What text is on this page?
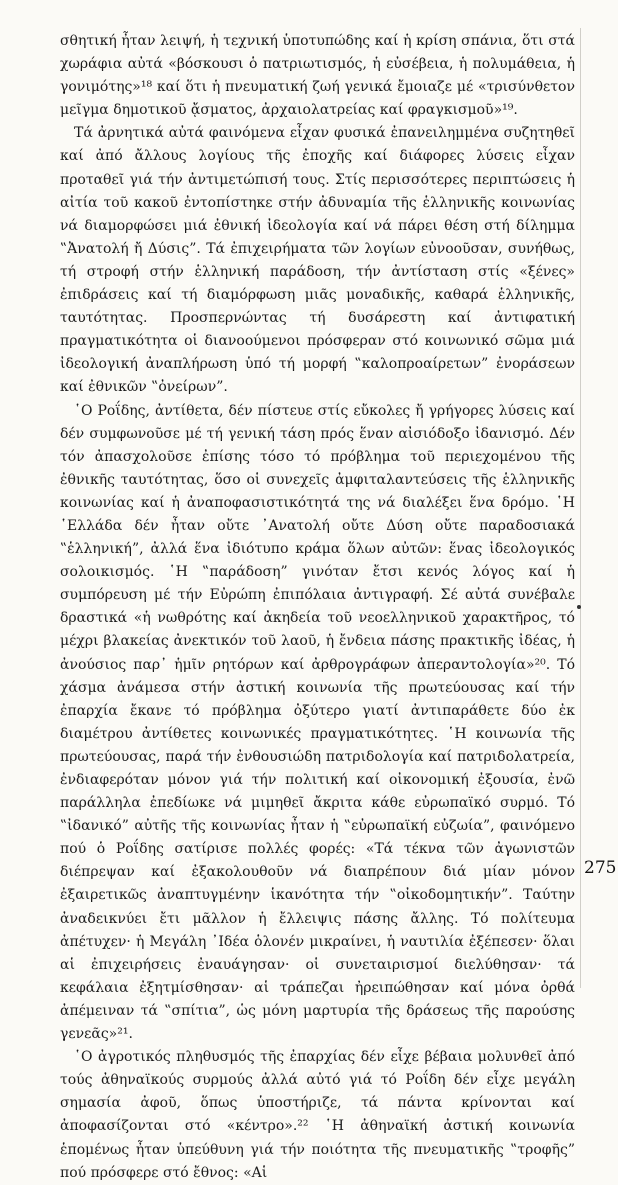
σθητική ἦταν λειψή, ἡ τεχνική ὑποτυπώδης καί ἡ κρίση σπάνια, ὅτι στά χωράφια αὐτά «βόσκουσι ὁ πατριωτισμός, ἡ εὐσέβεια, ἡ πολυμάθεια, ἡ γονιμότης»¹⁸ καί ὅτι ἡ πνευματική ζωή γενικά ἔμοιαζε μέ «τρισύνθετον μεῖγμα δημοτικοῦ ᾄσματος, ἀρχαιολατρείας καί φραγκισμοῦ»¹⁹.

Τά ἀρνητικά αὐτά φαινόμενα εἶχαν φυσικά ἐπανειλημμένα συζητηθεῖ καί ἀπό ἄλλους λογίους τῆς ἐποχῆς καί διάφορες λύσεις εἶχαν προταθεῖ γιά τήν ἀντιμετώπισή τους. Στίς περισσότερες περιπτώσεις ἡ αἰτία τοῦ κακοῦ ἐντοπίστηκε στήν ἀδυναμία τῆς ἑλληνικῆς κοινωνίας νά διαμορφώσει μιά ἐθνική ἰδεολογία καί νά πάρει θέση στή δίλημμα ‟Ἀνατολή ἤ Δύσις”. Τά ἐπιχειρήματα τῶν λογίων εὐνοοῦσαν, συνήθως, τή στροφή στήν ἑλληνική παράδοση, τήν ἀντίσταση στίς «ξένες» ἐπιδράσεις καί τή διαμόρφωση μιᾶς μοναδικῆς, καθαρά ἑλληνικῆς, ταυτότητας. Προσπερνώντας τή δυσάρεστη καί ἀντιφατική πραγματικότητα οἱ διανοούμενοι πρόσφεραν στό κοινωνικό σῶμα μιά ἰδεολογική ἀναπλήρωση ὑπό τή μορφή ‟καλοπροαίρετων” ἐνοράσεων καί ἐθνικῶν ‟ὀνείρων”.

῾Ο Ροΐδης, ἀντίθετα, δέν πίστευε στίς εὔκολες ἤ γρήγορες λύσεις καί δέν συμφωνοῦσε μέ τή γενική τάση πρός ἕναν αἰσιόδοξο ἰδανισμό. Δέν τόν ἀπασχολοῦσε ἐπίσης τόσο τό πρόβλημα τοῦ περιεχομένου τῆς ἐθνικῆς ταυτότητας, ὅσο οἱ συνεχεῖς ἀμφιταλαντεύσεις τῆς ἑλληνικῆς κοινωνίας καί ἡ ἀναποφασιστικότητά της νά διαλέξει ἕνα δρόμο. ῾Η ῾Ελλάδα δέν ἦταν οὔτε ᾿Ανατολή οὔτε Δύση οὔτε παραδοσιακά ‟ἑλληνική”, ἀλλά ἕνα ἰδιότυπο κράμα ὅλων αὐτῶν: ἕνας ἰδεολογικός σολοικισμός. ῾Η ‟παράδοση” γινόταν ἔτσι κενός λόγος καί ἡ συμπόρευση μέ τήν Εὐρώπη ἐπιπόλαια ἀντιγραφή. Σέ αὐτά συνέβαλε δραστικά «ἡ νωθρότης καί ἀκηδεία τοῦ νεοελληνικοῦ χαρακτῆρος, τό μέχρι βλακείας ἀνεκτικόν τοῦ λαοῦ, ἡ ἔνδεια πάσης πρακτικῆς ἰδέας, ἡ ἀνούσιος παρ᾿ ἡμῖν ρητόρων καί ἀρθρογράφων ἀπεραντολογία»²⁰. Τό χάσμα ἀνάμεσα στήν ἀστική κοινωνία τῆς πρωτεύουσας καί τήν ἐπαρχία ἔκανε τό πρόβλημα ὀξύτερο γιατί ἀντιπαράθετε δύο ἐκ διαμέτρου ἀντίθετες κοινωνικές πραγματικότητες. ῾Η κοινωνία τῆς πρωτεύουσας, παρά τήν ἐνθουσιώδη πατριδολογία καί πατριδολατρεία, ἐνδιαφερόταν μόνον γιά τήν πολιτική καί οἰκονομική ἐξουσία, ἐνῶ παράλληλα ἐπεδίωκε νά μιμηθεῖ ἄκριτα κάθε εὐρωπαϊκό συρμό. Τό ‟ἰδανικό” αὐτῆς τῆς κοινωνίας ἦταν ἡ ‟εὐρωπαϊκή εὐζωία”, φαινόμενο πού ὁ Ροΐδης σατίρισε πολλές φορές: «Τά τέκνα τῶν ἀγωνιστῶν διέπρεψαν καί ἐξακολουθοῦν νά διαπρέπουν διά μίαν μόνον ἐξαιρετικῶς ἀναπτυγμένην ἱκανότητα τήν ‟οἰκοδομητικήν”. Ταύτην ἀναδεικνύει ἔτι μᾶλλον ἡ ἔλλειψις πάσης ἄλλης. Τό πολίτευμα ἀπέτυχεν· ἡ Μεγάλη ᾿Ιδέα ὁλονέν μικραίνει, ἡ ναυτιλία ἐξέπεσεν· ὅλαι αἱ ἐπιχειρήσεις ἐναυάγησαν· οἱ συνεταιρισμοί διελύθησαν· τά κεφάλαια ἐξητμίσθησαν· αἱ τράπεζαι ἠρειπώθησαν καί μόνα ὀρθά ἀπέμειναν τά ‟σπίτια”, ὡς μόνη μαρτυρία τῆς δράσεως τῆς παρούσης γενεᾶς»²¹.

῾Ο ἀγροτικός πληθυσμός τῆς ἐπαρχίας δέν εἶχε βέβαια μολυνθεῖ ἀπό τούς ἀθηναϊκούς συρμούς ἀλλά αὐτό γιά τό Ροΐδη δέν εἶχε μεγάλη σημασία ἀφοῦ, ὅπως ὑποστήριζε, τά πάντα κρίνονται καί ἀποφασίζονται στό «κέντρο».²² ῾Η ἀθηναϊκή ἀστική κοινωνία ἑπομένως ἦταν ὑπεύθυνη γιά τήν ποιότητα τῆς πνευματικῆς ‟τροφῆς” πού πρόσφερε στό ἔθνος: «Αἱ

275
